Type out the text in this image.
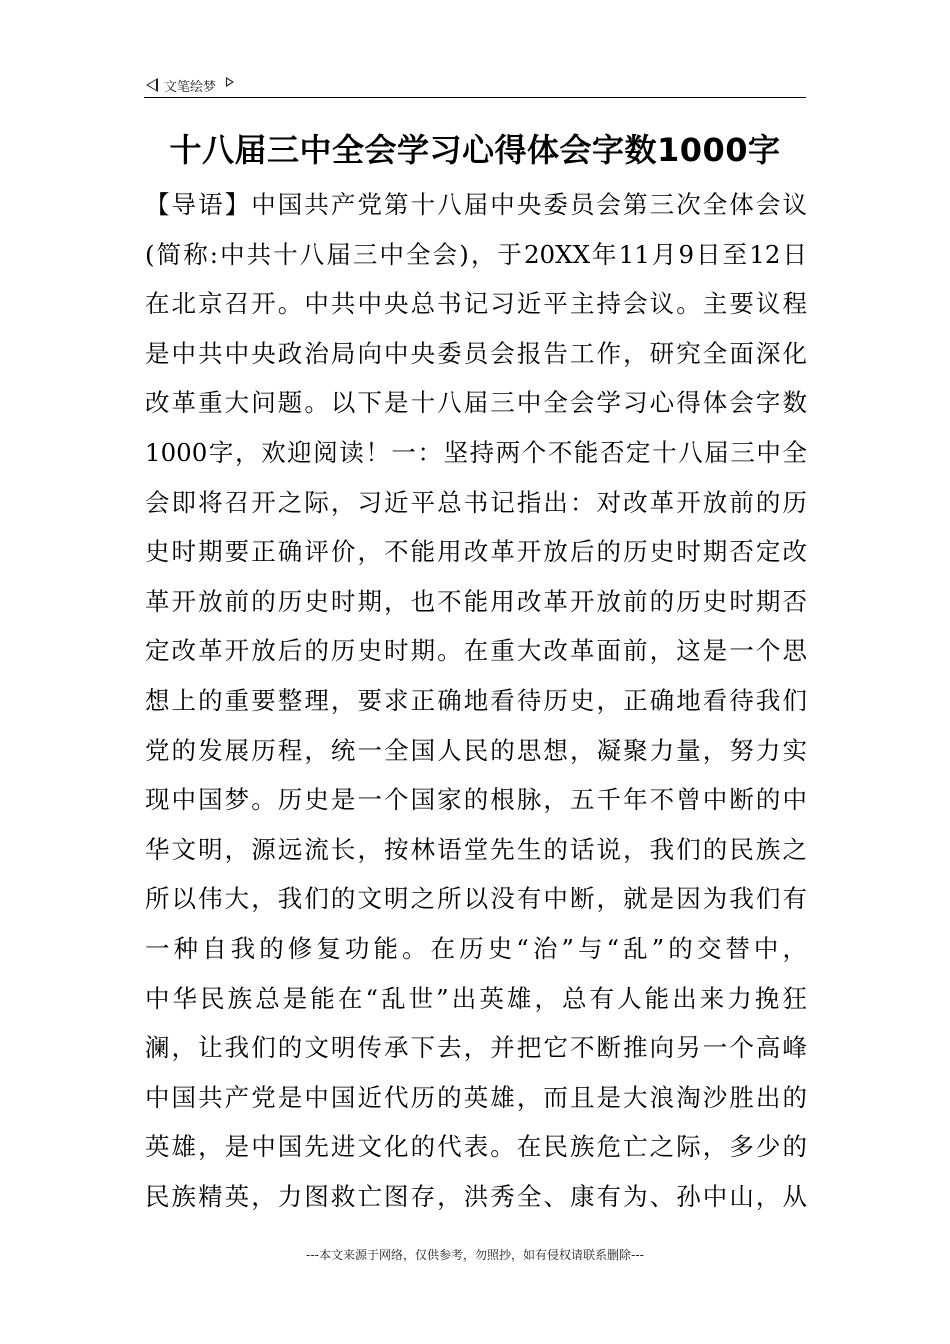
文笔绘梦
十八届三中全会学习心得体会字数1000字
【导语】中国共产党第十八届中央委员会第三次全体会议
(简称:中共十八届三中全会)，于20XX年11月9日至12日
在北京召开。中共中央总书记习近平主持会议。主要议程
是中共中央政治局向中央委员会报告工作，研究全面深化
改革重大问题。以下是十八届三中全会学习心得体会字数
1000字，欢迎阅读！一：坚持两个不能否定十八届三中全
会即将召开之际，习近平总书记指出：对改革开放前的历
史时期要正确评价，不能用改革开放后的历史时期否定改
革开放前的历史时期，也不能用改革开放前的历史时期否
定改革开放后的历史时期。在重大改革面前，这是一个思
想上的重要整理，要求正确地看待历史，正确地看待我们
党的发展历程，统一全国人民的思想，凝聚力量，努力实
现中国梦。历史是一个国家的根脉，五千年不曾中断的中
华文明，源远流长，按林语堂先生的话说，我们的民族之
所以伟大，我们的文明之所以没有中断，就是因为我们有
一种自我的修复功能。在历史“治”与“乱”的交替中，
中华民族总是能在“乱世”出英雄，总有人能出来力挽狂
澜，让我们的文明传承下去，并把它不断推向另一个高峰
中国共产党是中国近代历的英雄，而且是大浪淘沙胜出的
英雄，是中国先进文化的代表。在民族危亡之际，多少的
民族精英，力图救亡图存，洪秀全、康有为、孙中山，从
---本文来源于网络，仅供参考，勿照抄，如有侵权请联系删除---
